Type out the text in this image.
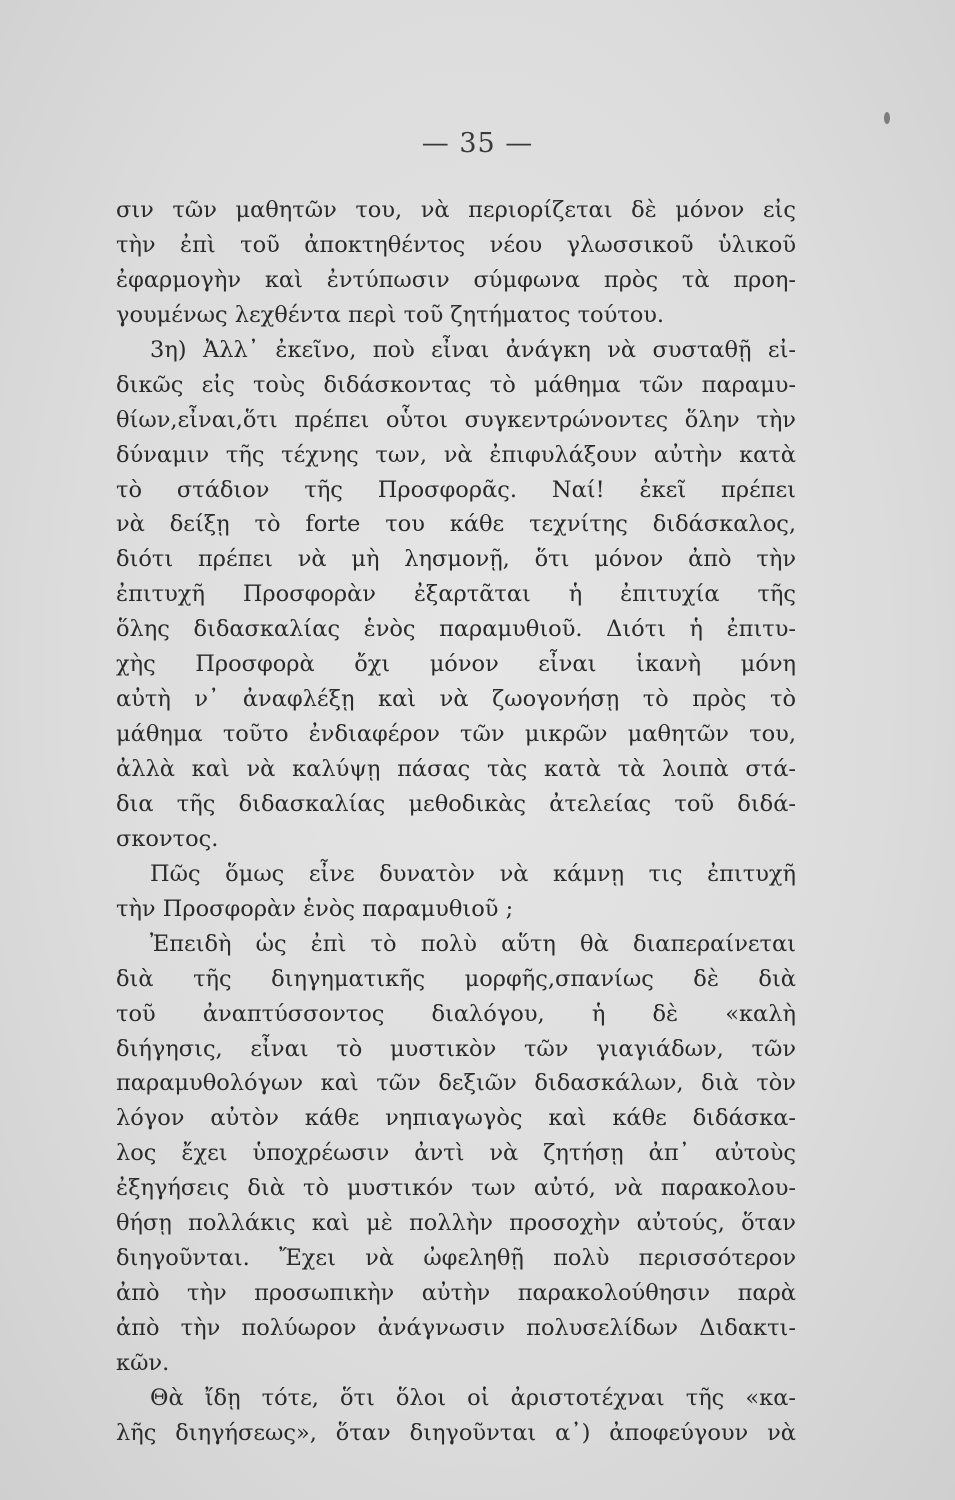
— 35 —
σιν τῶν μαθητῶν του, νὰ περιορίζεται δὲ μόνον εἰς
τὴν ἐπὶ τοῦ ἀποκτηθέντος νέου γλωσσικοῦ ὑλικοῦ
ἐφαρμογὴν καὶ ἐντύπωσιν σύμφωνα πρὸς τὰ προη-
γουμένως λεχθέντα περὶ τοῦ ζητήματος τούτου.
3η) Ἀλλ᾽ ἐκεῖνο, ποὺ εἶναι ἀνάγκη νὰ συσταθῇ εἰ-
δικῶς εἰς τοὺς διδάσκοντας τὸ μάθημα τῶν παραμυ-
θίων,εἶναι,ὅτι πρέπει οὗτοι συγκεντρώνοντες ὅλην τὴν
δύναμιν τῆς τέχνης των, νὰ ἐπιφυλάξουν αὐτὴν κατὰ
τὸ στάδιον τῆς Προσφορᾶς. Ναί! ἐκεῖ πρέπει
νὰ δείξῃ τὸ forte του κάθε τεχνίτης διδάσκαλος,
διότι πρέπει νὰ μὴ λησμονῇ, ὅτι μόνον ἀπὸ τὴν
ἐπιτυχῆ Προσφορὰν ἐξαρτᾶται ἡ ἐπιτυχία τῆς
ὅλης διδασκαλίας ἑνὸς παραμυθιοῦ. Διότι ἡ ἐπιτυ-
χὴς Προσφορὰ ὄχι μόνον εἶναι ἱκανὴ μόνη
αὐτὴ ν᾽ ἀναφλέξῃ καὶ νὰ ζωογονήσῃ τὸ πρὸς τὸ
μάθημα τοῦτο ἐνδιαφέρον τῶν μικρῶν μαθητῶν του,
ἀλλὰ καὶ νὰ καλύψῃ πάσας τὰς κατὰ τὰ λοιπὰ στά-
δια τῆς διδασκαλίας μεθοδικὰς ἀτελείας τοῦ διδά-
σκοντος.
Πῶς ὅμως εἶνε δυνατὸν νὰ κάμνῃ τις ἐπιτυχῆ
τὴν Προσφορὰν ἑνὸς παραμυθιοῦ ;
Ἐπειδὴ ὡς ἐπὶ τὸ πολὺ αὕτη θὰ διαπεραίνεται
διὰ τῆς διηγηματικῆς μορφῆς,σπανίως δὲ διὰ
τοῦ ἀναπτύσσοντος διαλόγου, ἡ δὲ «καλὴ
διήγησις, εἶναι τὸ μυστικὸν τῶν γιαγιάδων, τῶν
παραμυθολόγων καὶ τῶν δεξιῶν διδασκάλων, διὰ τὸν
λόγον αὐτὸν κάθε νηπιαγωγὸς καὶ κάθε διδάσκα-
λος ἔχει ὑποχρέωσιν ἀντὶ νὰ ζητήσῃ ἀπ᾽ αὐτοὺς
ἐξηγήσεις διὰ τὸ μυστικόν των αὐτό, νὰ παρακολου-
θήσῃ πολλάκις καὶ μὲ πολλὴν προσοχὴν αὐτούς, ὅταν
διηγοῦνται. Ἔχει νὰ ὠφεληθῇ πολὺ περισσότερον
ἀπὸ τὴν προσωπικὴν αὐτὴν παρακολούθησιν παρὰ
ἀπὸ τὴν πολύωρον ἀνάγνωσιν πολυσελίδων Διδακτι-
κῶν.
Θὰ ἴδῃ τότε, ὅτι ὅλοι οἱ ἀριστοτέχναι τῆς «κα-
λῆς διηγήσεως», ὅταν διηγοῦνται α᾽) ἀποφεύγουν νὰ
